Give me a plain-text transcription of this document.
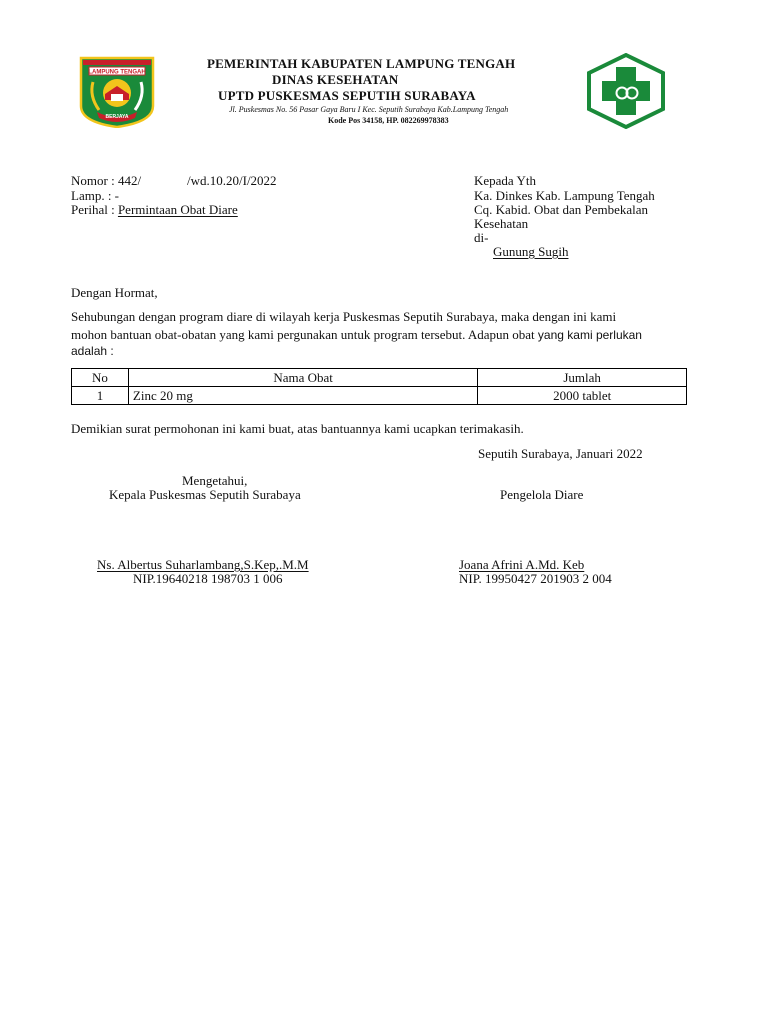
LAMPUNG TENGAH
BERJAYA
PEMERINTAH KABUPATEN LAMPUNG TENGAH
DINAS KESEHATAN
UPTD PUSKESMAS SEPUTIH SURABAYA
Jl. Puskesmas No. 56 Pasar Gaya Baru I Kec. Seputih Surabaya Kab.Lampung Tengah
Kode Pos 34158, HP. 082269978383
Nomor : 442/	/wd.10.20/I/2022
Lamp. : -
Perihal : Permintaan Obat Diare
Kepada Yth
Ka. Dinkes Kab. Lampung Tengah
Cq. Kabid. Obat dan Pembekalan
Kesehatan
di-
Gunung Sugih
Dengan Hormat,
Sehubungan dengan program diare di wilayah kerja Puskesmas Seputih Surabaya, maka dengan ini kami
mohon bantuan obat-obatan yang kami pergunakan untuk program tersebut. Adapun obat yang kami perlukan
adalah :
No	Nama Obat	Jumlah
1	Zinc 20 mg	2000 tablet
Demikian surat permohonan ini kami buat, atas bantuannya kami ucapkan terimakasih.
Seputih Surabaya, Januari 2022
Mengetahui,
Kepala Puskesmas Seputih Surabaya	Pengelola Diare
Ns. Albertus Suharlambang,S.Kep,.M.M
NIP.19640218 198703 1 006
Joana Afrini A.Md. Keb
NIP. 19950427 201903 2 004
